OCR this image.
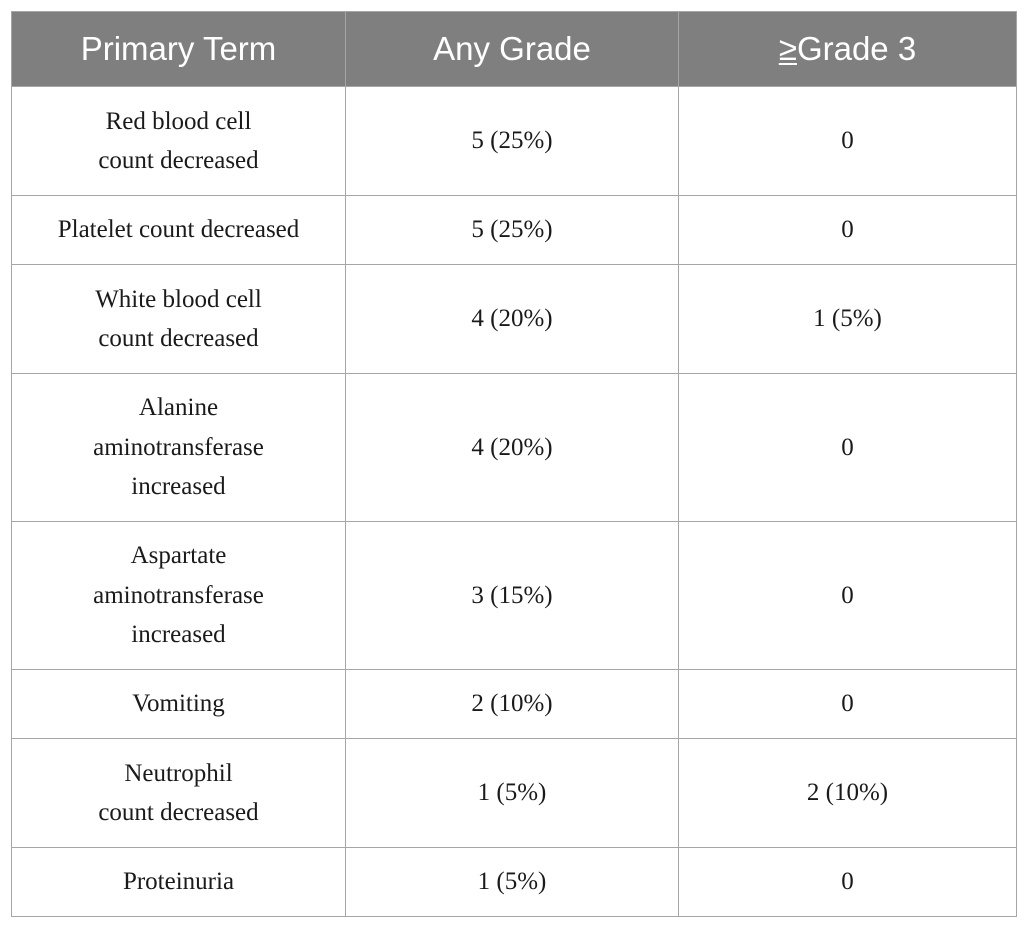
Primary Term	Any Grade	≥Grade 3

Red blood cell
count decreased	5 (25%)	0

Platelet count decreased	5 (25%)	0

White blood cell
count decreased	4 (20%)	1 (5%)

Alanine
aminotransferase
increased	4 (20%)	0

Aspartate
aminotransferase
increased	3 (15%)	0

Vomiting	2 (10%)	0

Neutrophil
count decreased	1 (5%)	2 (10%)

Proteinuria	1 (5%)	0
